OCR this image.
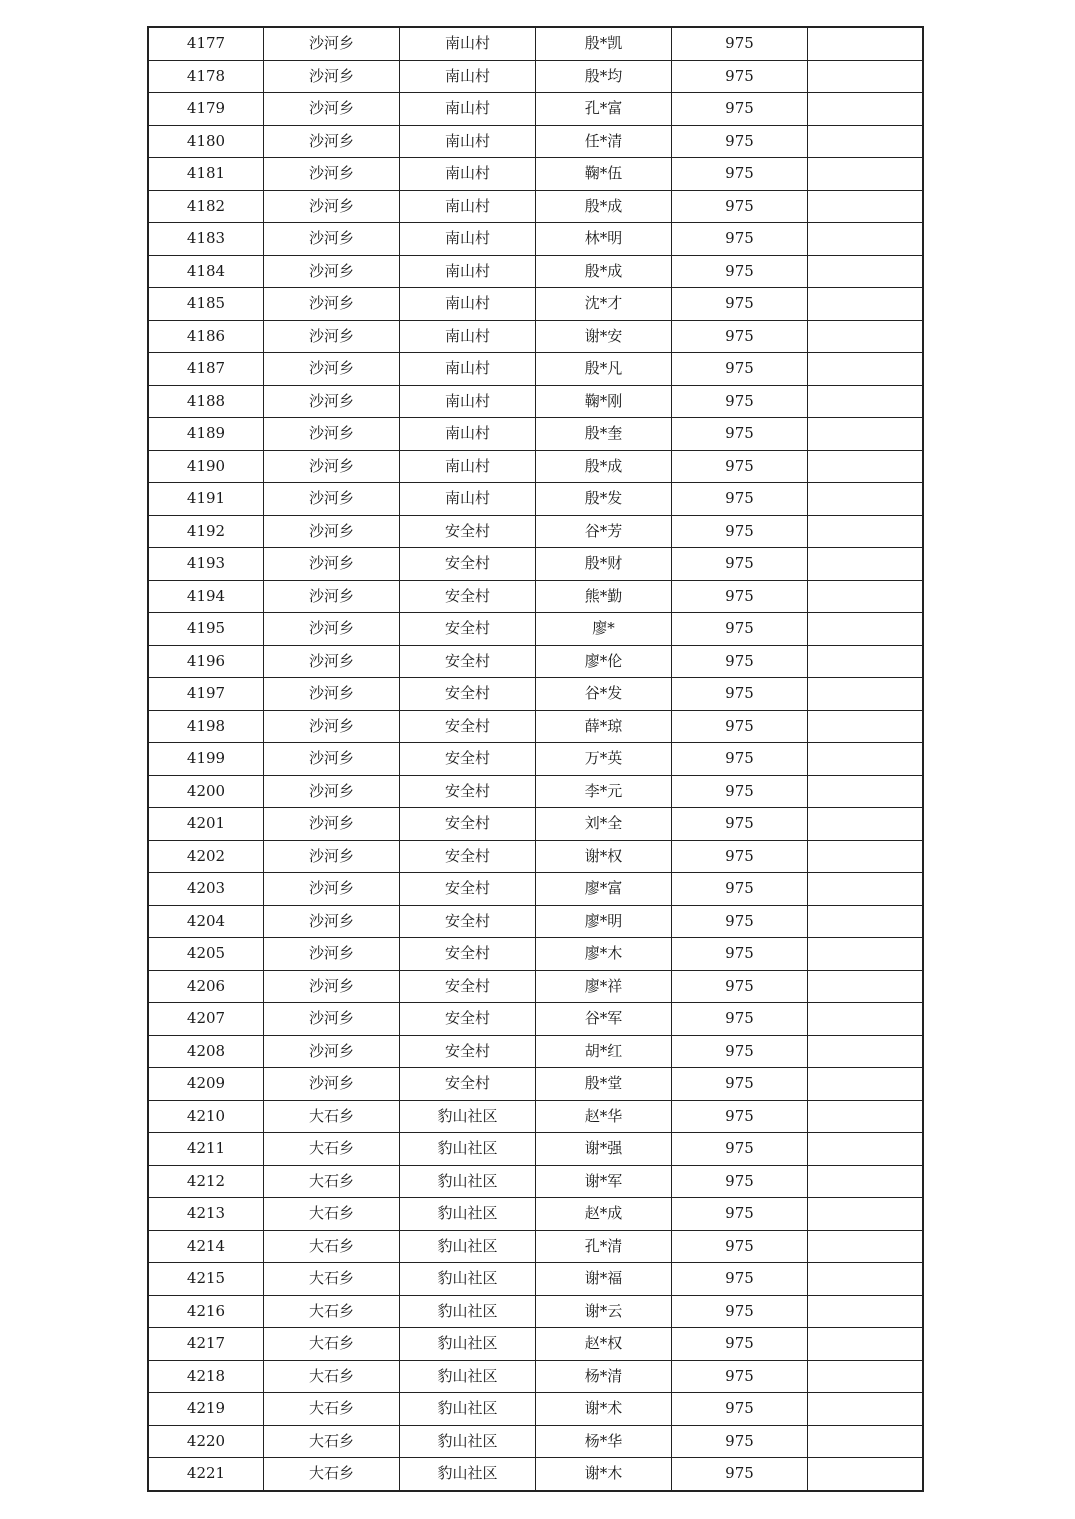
4177	沙河乡	南山村	殷*凯	975	
4178	沙河乡	南山村	殷*均	975	
4179	沙河乡	南山村	孔*富	975	
4180	沙河乡	南山村	任*清	975	
4181	沙河乡	南山村	鞠*伍	975	
4182	沙河乡	南山村	殷*成	975	
4183	沙河乡	南山村	林*明	975	
4184	沙河乡	南山村	殷*成	975	
4185	沙河乡	南山村	沈*才	975	
4186	沙河乡	南山村	谢*安	975	
4187	沙河乡	南山村	殷*凡	975	
4188	沙河乡	南山村	鞠*刚	975	
4189	沙河乡	南山村	殷*奎	975	
4190	沙河乡	南山村	殷*成	975	
4191	沙河乡	南山村	殷*发	975	
4192	沙河乡	安全村	谷*芳	975	
4193	沙河乡	安全村	殷*财	975	
4194	沙河乡	安全村	熊*勤	975	
4195	沙河乡	安全村	廖*	975	
4196	沙河乡	安全村	廖*伦	975	
4197	沙河乡	安全村	谷*发	975	
4198	沙河乡	安全村	薛*琼	975	
4199	沙河乡	安全村	万*英	975	
4200	沙河乡	安全村	李*元	975	
4201	沙河乡	安全村	刘*全	975	
4202	沙河乡	安全村	谢*权	975	
4203	沙河乡	安全村	廖*富	975	
4204	沙河乡	安全村	廖*明	975	
4205	沙河乡	安全村	廖*木	975	
4206	沙河乡	安全村	廖*祥	975	
4207	沙河乡	安全村	谷*军	975	
4208	沙河乡	安全村	胡*红	975	
4209	沙河乡	安全村	殷*堂	975	
4210	大石乡	豹山社区	赵*华	975	
4211	大石乡	豹山社区	谢*强	975	
4212	大石乡	豹山社区	谢*军	975	
4213	大石乡	豹山社区	赵*成	975	
4214	大石乡	豹山社区	孔*清	975	
4215	大石乡	豹山社区	谢*福	975	
4216	大石乡	豹山社区	谢*云	975	
4217	大石乡	豹山社区	赵*权	975	
4218	大石乡	豹山社区	杨*清	975	
4219	大石乡	豹山社区	谢*术	975	
4220	大石乡	豹山社区	杨*华	975	
4221	大石乡	豹山社区	谢*木	975	
